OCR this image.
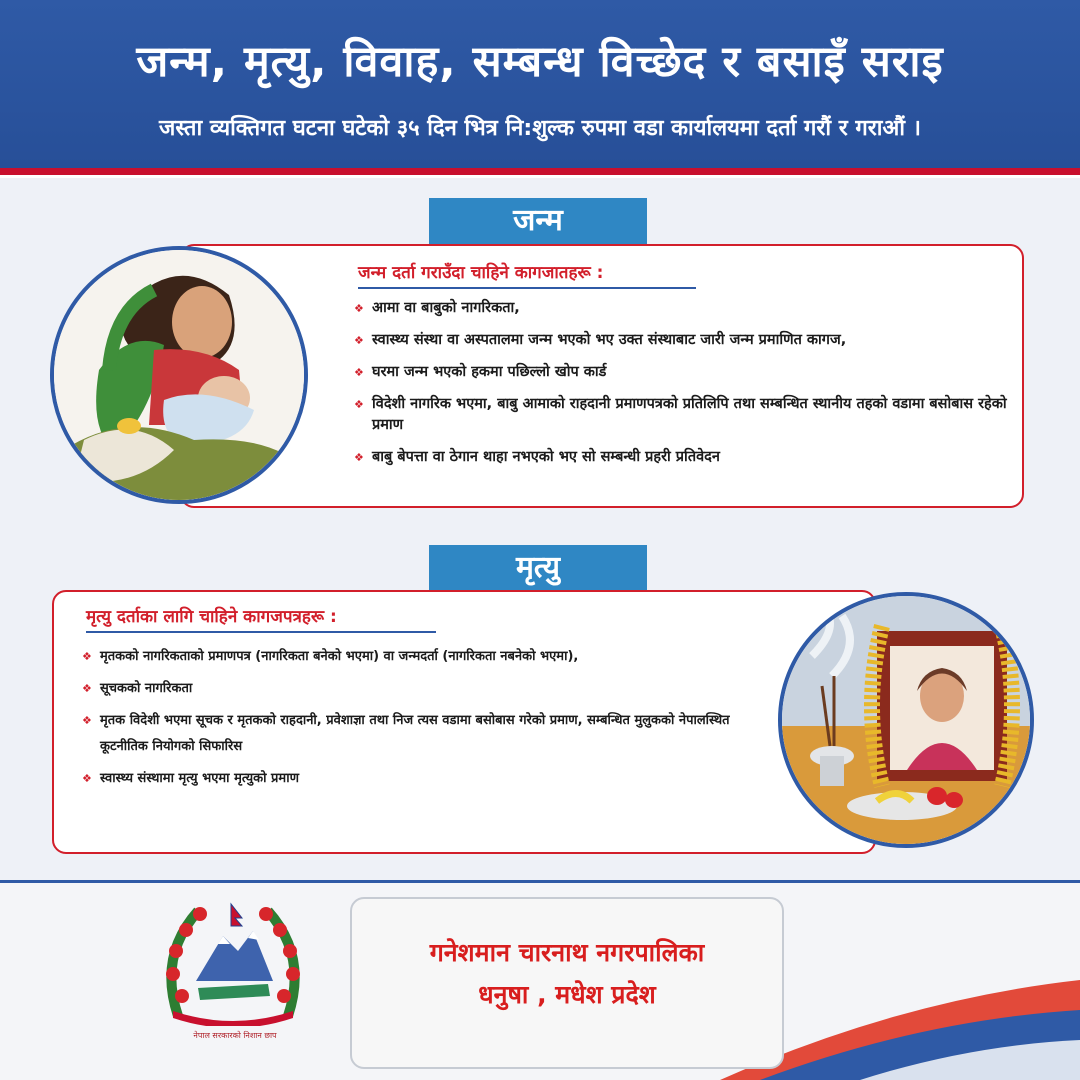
जन्म, मृत्यु, विवाह, सम्बन्ध विच्छेद र बसाइँ सराइ
जस्ता व्यक्तिगत घटना घटेको ३५ दिन भित्र नि:शुल्क रुपमा वडा कार्यालयमा दर्ता गरौं र गराऔं ।
जन्म
जन्म दर्ता गराउँदा चाहिने कागजातहरू :
❖ आमा वा बाबुको नागरिकता,
❖ स्वास्थ्य संस्था वा अस्पतालमा जन्म भएको भए उक्त संस्थाबाट जारी जन्म प्रमाणित कागज,
❖ घरमा जन्म भएको हकमा पछिल्लो खोप कार्ड
❖ विदेशी नागरिक भएमा, बाबु आमाको राहदानी प्रमाणपत्रको प्रतिलिपि तथा सम्बन्धित स्थानीय तहको वडामा बसोबास रहेको प्रमाण
❖ बाबु बेपत्ता वा ठेगान थाहा नभएको भए सो सम्बन्धी प्रहरी प्रतिवेदन
मृत्यु
मृत्यु दर्ताका लागि चाहिने कागजपत्रहरू :
❖ मृतकको नागरिकताको प्रमाणपत्र (नागरिकता बनेको भएमा) वा जन्मदर्ता (नागरिकता नबनेको भएमा),
❖ सूचकको नागरिकता
❖ मृतक विदेशी भएमा सूचक र मृतकको राहदानी, प्रवेशाज्ञा तथा निज त्यस वडामा बसोबास गरेको प्रमाण, सम्बन्धित मुलुकको नेपालस्थित कूटनीतिक नियोगको सिफारिस
❖ स्वास्थ्य संस्थामा मृत्यु भएमा मृत्युको प्रमाण
नेपाल सरकारको निशान छाप
गनेशमान चारनाथ नगरपालिका
धनुषा , मधेश प्रदेश
